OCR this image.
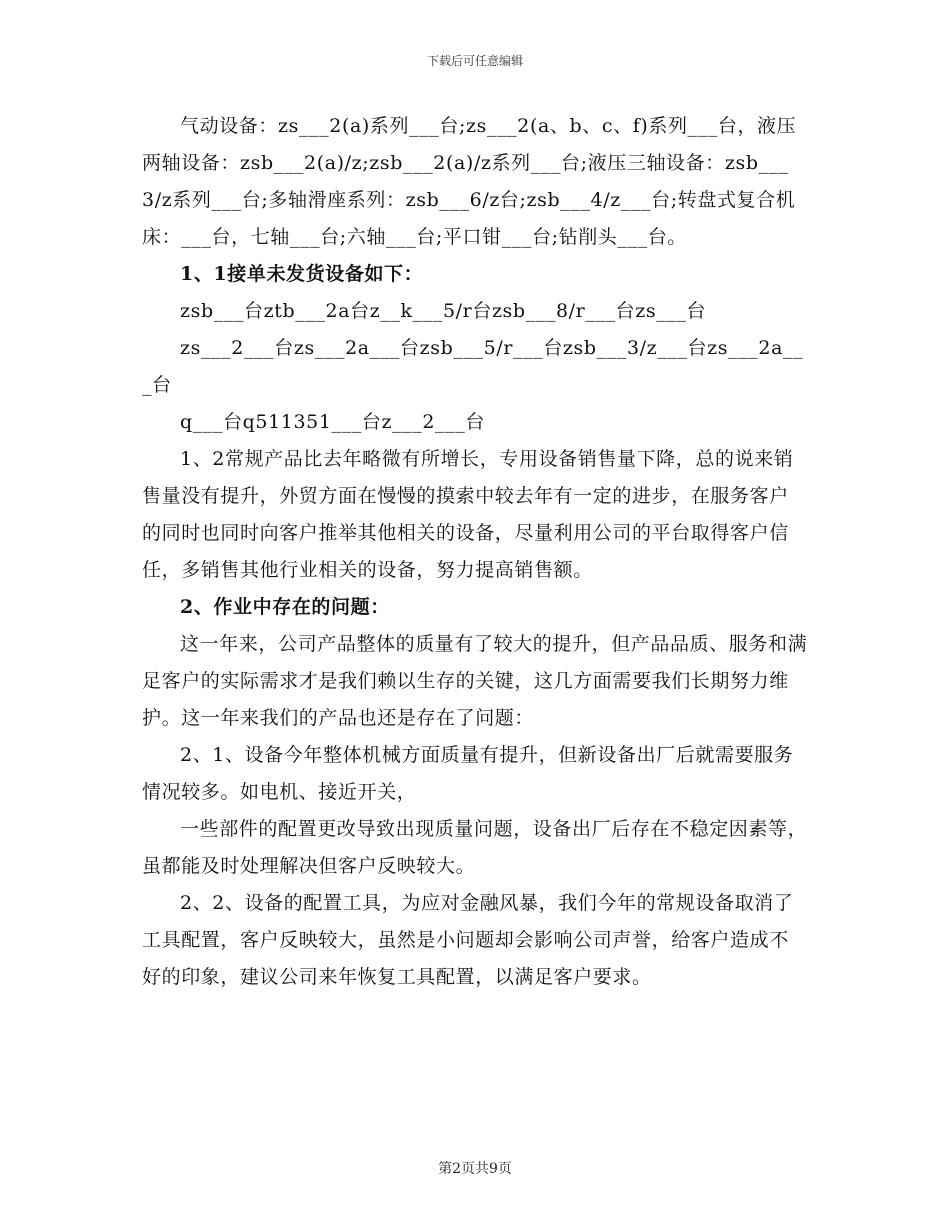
下载后可任意编辑

气动设备：zs___2(a)系列___台;zs___2(a、b、c、f)系列___台，液压两轴设备：zsb___2(a)/z;zsb___2(a)/z系列___台;液压三轴设备：zsb___3/z系列___台;多轴滑座系列：zsb___6/z台;zsb___4/z___台;转盘式复合机床：___台，七轴___台;六轴___台;平口钳___台;钻削头___台。

1、1接单未发货设备如下：

zsb___台ztb___2a台z__k___5/r台zsb___8/r___台zs___台

zs___2___台zs___2a___台zsb___5/r___台zsb___3/z___台zs___2a___台

q___台q511351___台z___2___台

1、2常规产品比去年略微有所增长，专用设备销售量下降，总的说来销售量没有提升，外贸方面在慢慢的摸索中较去年有一定的进步，在服务客户的同时也同时向客户推举其他相关的设备，尽量利用公司的平台取得客户信任，多销售其他行业相关的设备，努力提高销售额。

2、作业中存在的问题：

这一年来，公司产品整体的质量有了较大的提升，但产品品质、服务和满足客户的实际需求才是我们赖以生存的关键，这几方面需要我们长期努力维护。这一年来我们的产品也还是存在了问题：

2、1、设备今年整体机械方面质量有提升，但新设备出厂后就需要服务情况较多。如电机、接近开关，

一些部件的配置更改导致出现质量问题，设备出厂后存在不稳定因素等，虽都能及时处理解决但客户反映较大。

2、2、设备的配置工具，为应对金融风暴，我们今年的常规设备取消了工具配置，客户反映较大，虽然是小问题却会影响公司声誉，给客户造成不好的印象，建议公司来年恢复工具配置，以满足客户要求。

第2页共9页
